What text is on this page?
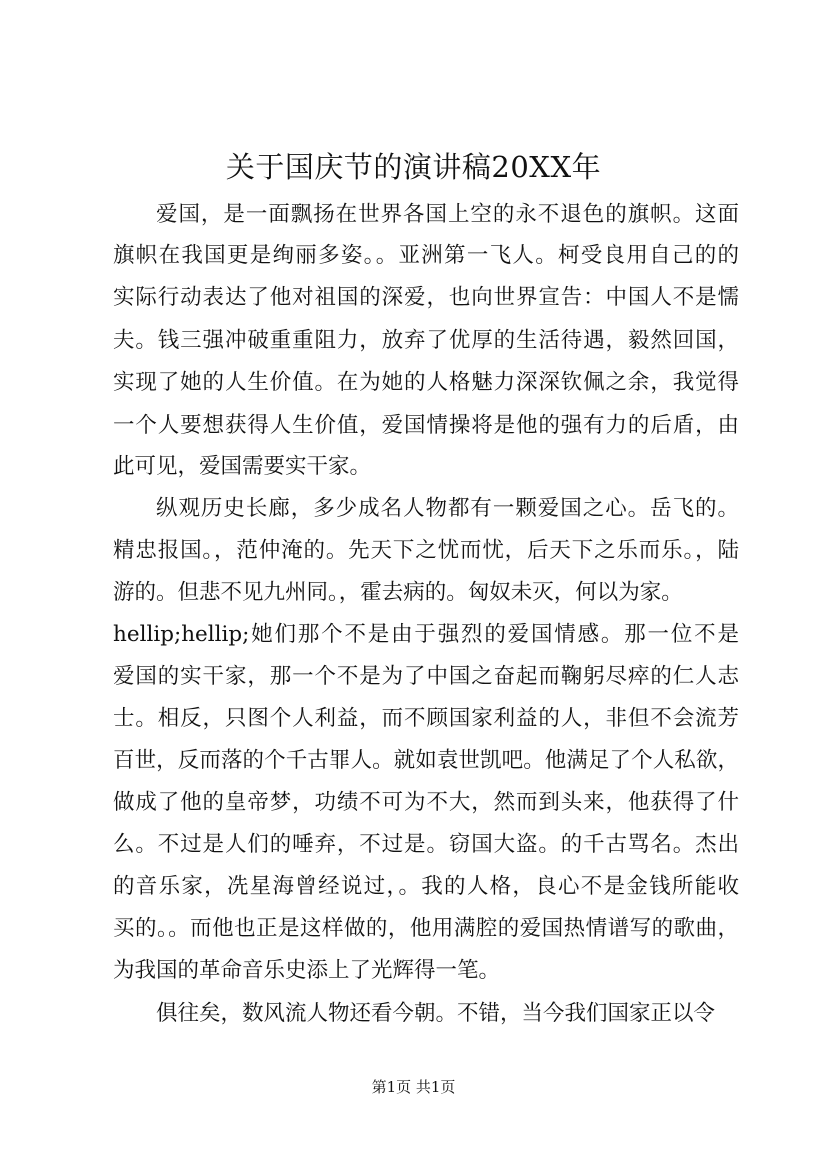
关于国庆节的演讲稿20XX年
爱国，是一面飘扬在世界各国上空的永不退色的旗帜。这面
旗帜在我国更是绚丽多姿。。亚洲第一飞人。柯受良用自己的的
实际行动表达了他对祖国的深爱，也向世界宣告：中国人不是懦
夫。钱三强冲破重重阻力，放弃了优厚的生活待遇，毅然回国，
实现了她的人生价值。在为她的人格魅力深深钦佩之余，我觉得
一个人要想获得人生价值，爱国情操将是他的强有力的后盾，由
此可见，爱国需要实干家。
纵观历史长廊，多少成名人物都有一颗爱国之心。岳飞的。
精忠报国。，范仲淹的。先天下之忧而忧，后天下之乐而乐。，陆
游的。但悲不见九州同。，霍去病的。匈奴未灭，何以为家。
hellip;hellip;她们那个不是由于强烈的爱国情感。那一位不是
爱国的实干家，那一个不是为了中国之奋起而鞠躬尽瘁的仁人志
士。相反，只图个人利益，而不顾国家利益的人，非但不会流芳
百世，反而落的个千古罪人。就如袁世凯吧。他满足了个人私欲，
做成了他的皇帝梦，功绩不可为不大，然而到头来，他获得了什
么。不过是人们的唾弃，不过是。窃国大盗。的千古骂名。杰出
的音乐家，冼星海曾经说过，。我的人格，良心不是金钱所能收
买的。。而他也正是这样做的，他用满腔的爱国热情谱写的歌曲，
为我国的革命音乐史添上了光辉得一笔。
俱往矣，数风流人物还看今朝。不错，当今我们国家正以令
第1页 共1页
